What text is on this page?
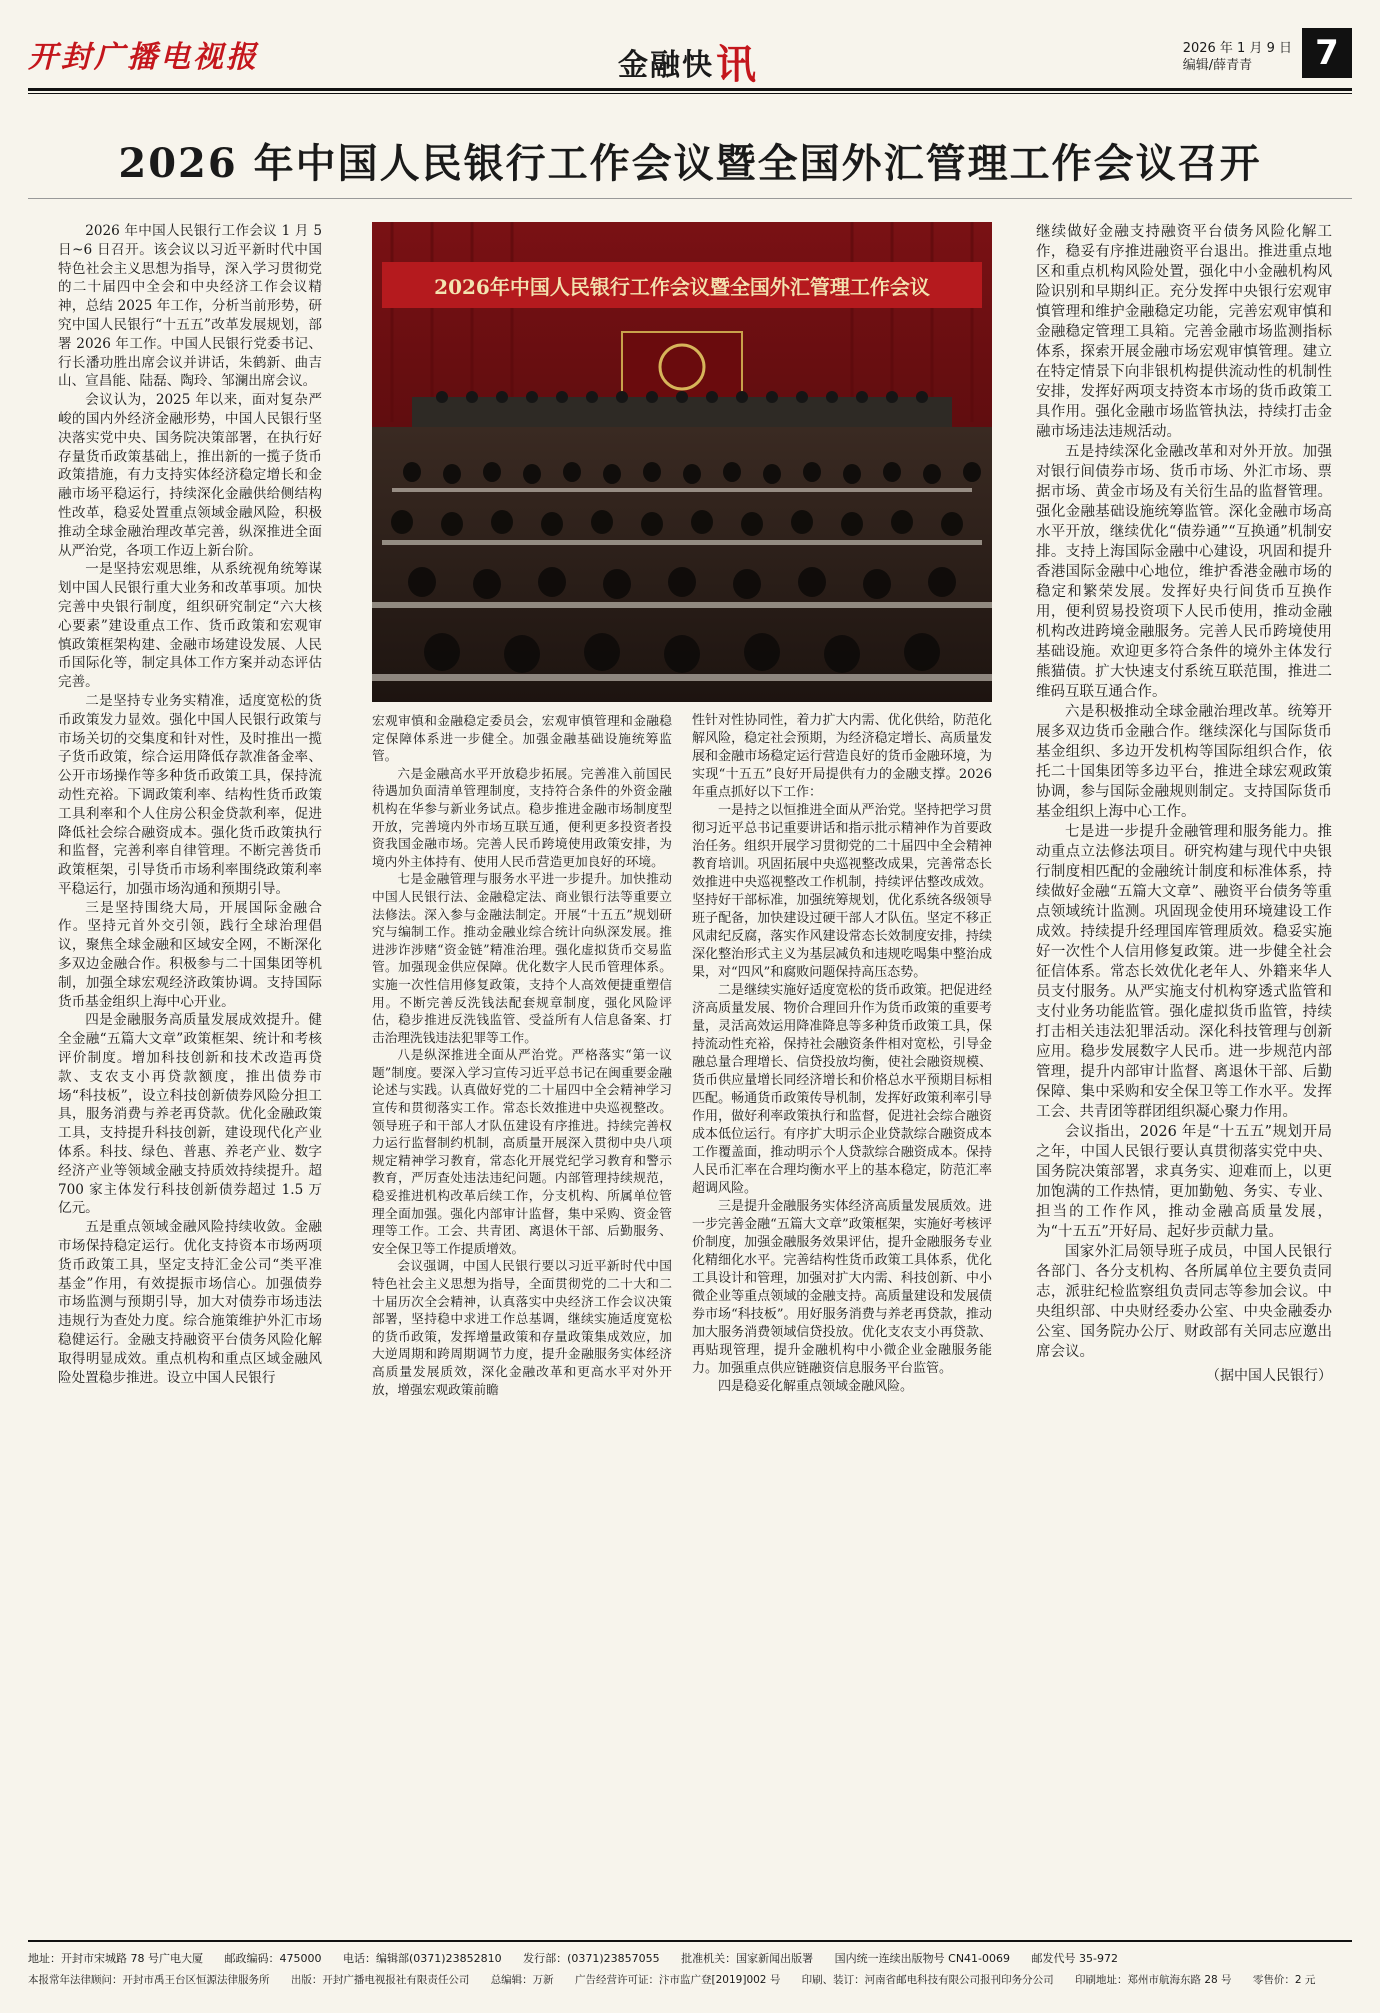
开封广播电视报	金融快讯	2026 年 1 月 9 日
编辑/薛青青	7
2026 年中国人民银行工作会议暨全国外汇管理工作会议召开
2026年中国人民银行工作会议暨全国外汇管理工作会议

2026 年中国人民银行工作会议 1 月 5 日~6 日召开。该会议以习近平新时代中国特色社会主义思想为指导，深入学习贯彻党的二十届四中全会和中央经济工作会议精神，总结 2025 年工作，分析当前形势，研究中国人民银行“十五五”改革发展规划，部署 2026 年工作。中国人民银行党委书记、行长潘功胜出席会议并讲话，朱鹤新、曲吉山、宣昌能、陆磊、陶玲、邹澜出席会议。

会议认为，2025 年以来，面对复杂严峻的国内外经济金融形势，中国人民银行坚决落实党中央、国务院决策部署，在执行好存量货币政策基础上，推出新的一揽子货币政策措施，有力支持实体经济稳定增长和金融市场平稳运行，持续深化金融供给侧结构性改革，稳妥处置重点领域金融风险，积极推动全球金融治理改革完善，纵深推进全面从严治党，各项工作迈上新台阶。

一是坚持宏观思维，从系统视角统筹谋划中国人民银行重大业务和改革事项。加快完善中央银行制度，组织研究制定“六大核心要素”建设重点工作、货币政策和宏观审慎政策框架构建、金融市场建设发展、人民币国际化等，制定具体工作方案并动态评估完善。

二是坚持专业务实精准，适度宽松的货币政策发力显效。强化中国人民银行政策与市场关切的交集度和针对性，及时推出一揽子货币政策，综合运用降低存款准备金率、公开市场操作等多种货币政策工具，保持流动性充裕。下调政策利率、结构性货币政策工具利率和个人住房公积金贷款利率，促进降低社会综合融资成本。强化货币政策执行和监督，完善利率自律管理。不断完善货币政策框架，引导货币市场利率围绕政策利率平稳运行，加强市场沟通和预期引导。

三是坚持围绕大局，开展国际金融合作。坚持元首外交引领，践行全球治理倡议，聚焦全球金融和区域安全网，不断深化多双边金融合作。积极参与二十国集团等机制，加强全球宏观经济政策协调。支持国际货币基金组织上海中心开业。

四是金融服务高质量发展成效提升。健全金融“五篇大文章”政策框架、统计和考核评价制度。增加科技创新和技术改造再贷款、支农支小再贷款额度，推出债券市场“科技板”，设立科技创新债券风险分担工具，服务消费与养老再贷款。优化金融政策工具，支持提升科技创新，建设现代化产业体系。科技、绿色、普惠、养老产业、数字经济产业等领域金融支持质效持续提升。超 700 家主体发行科技创新债券超过 1.5 万亿元。

五是重点领域金融风险持续收敛。金融市场保持稳定运行。优化支持资本市场两项货币政策工具，坚定支持汇金公司“类平准基金”作用，有效提振市场信心。加强债券市场监测与预期引导，加大对债券市场违法违规行为查处力度。综合施策维护外汇市场稳健运行。金融支持融资平台债务风险化解取得明显成效。重点机构和重点区域金融风险处置稳步推进。设立中国人民银行

宏观审慎和金融稳定委员会，宏观审慎管理和金融稳定保障体系进一步健全。加强金融基础设施统筹监管。

六是金融高水平开放稳步拓展。完善准入前国民待遇加负面清单管理制度，支持符合条件的外资金融机构在华参与新业务试点。稳步推进金融市场制度型开放，完善境内外市场互联互通，便利更多投资者投资我国金融市场。完善人民币跨境使用政策安排，为境内外主体持有、使用人民币营造更加良好的环境。

七是金融管理与服务水平进一步提升。加快推动中国人民银行法、金融稳定法、商业银行法等重要立法修法。深入参与金融法制定。开展“十五五”规划研究与编制工作。推动金融业综合统计向纵深发展。推进涉诈涉赌“资金链”精准治理。强化虚拟货币交易监管。加强现金供应保障。优化数字人民币管理体系。实施一次性信用修复政策，支持个人高效便捷重塑信用。不断完善反洗钱法配套规章制度，强化风险评估，稳步推进反洗钱监管、受益所有人信息备案、打击治理洗钱违法犯罪等工作。

八是纵深推进全面从严治党。严格落实“第一议题”制度。要深入学习宣传习近平总书记在闽重要金融论述与实践。认真做好党的二十届四中全会精神学习宣传和贯彻落实工作。常态长效推进中央巡视整改。领导班子和干部人才队伍建设有序推进。持续完善权力运行监督制约机制，高质量开展深入贯彻中央八项规定精神学习教育，常态化开展党纪学习教育和警示教育，严厉查处违法违纪问题。内部管理持续规范，稳妥推进机构改革后续工作，分支机构、所属单位管理全面加强。强化内部审计监督，集中采购、资金管理等工作。工会、共青团、离退休干部、后勤服务、安全保卫等工作提质增效。

会议强调，中国人民银行要以习近平新时代中国特色社会主义思想为指导，全面贯彻党的二十大和二十届历次全会精神，认真落实中央经济工作会议决策部署，坚持稳中求进工作总基调，继续实施适度宽松的货币政策，发挥增量政策和存量政策集成效应，加大逆周期和跨周期调节力度，提升金融服务实体经济高质量发展质效，深化金融改革和更高水平对外开放，增强宏观政策前瞻

性针对性协同性，着力扩大内需、优化供给，防范化解风险，稳定社会预期，为经济稳定增长、高质量发展和金融市场稳定运行营造良好的货币金融环境，为实现“十五五”良好开局提供有力的金融支撑。2026 年重点抓好以下工作：

一是持之以恒推进全面从严治党。坚持把学习贯彻习近平总书记重要讲话和指示批示精神作为首要政治任务。组织开展学习贯彻党的二十届四中全会精神教育培训。巩固拓展中央巡视整改成果，完善常态长效推进中央巡视整改工作机制，持续评估整改成效。坚持好干部标准，加强统筹规划，优化系统各级领导班子配备，加快建设过硬干部人才队伍。坚定不移正风肃纪反腐，落实作风建设常态长效制度安排，持续深化整治形式主义为基层减负和违规吃喝集中整治成果，对“四风”和腐败问题保持高压态势。

二是继续实施好适度宽松的货币政策。把促进经济高质量发展、物价合理回升作为货币政策的重要考量，灵活高效运用降准降息等多种货币政策工具，保持流动性充裕，保持社会融资条件相对宽松，引导金融总量合理增长、信贷投放均衡，使社会融资规模、货币供应量增长同经济增长和价格总水平预期目标相匹配。畅通货币政策传导机制，发挥好政策利率引导作用，做好利率政策执行和监督，促进社会综合融资成本低位运行。有序扩大明示企业贷款综合融资成本工作覆盖面，推动明示个人贷款综合融资成本。保持人民币汇率在合理均衡水平上的基本稳定，防范汇率超调风险。

三是提升金融服务实体经济高质量发展质效。进一步完善金融“五篇大文章”政策框架，实施好考核评价制度，加强金融服务效果评估，提升金融服务专业化精细化水平。完善结构性货币政策工具体系，优化工具设计和管理，加强对扩大内需、科技创新、中小微企业等重点领域的金融支持。高质量建设和发展债券市场“科技板”。用好服务消费与养老再贷款，推动加大服务消费领域信贷投放。优化支农支小再贷款、再贴现管理，提升金融机构中小微企业金融服务能力。加强重点供应链融资信息服务平台监管。

四是稳妥化解重点领域金融风险。

继续做好金融支持融资平台债务风险化解工作，稳妥有序推进融资平台退出。推进重点地区和重点机构风险处置，强化中小金融机构风险识别和早期纠正。充分发挥中央银行宏观审慎管理和维护金融稳定功能，完善宏观审慎和金融稳定管理工具箱。完善金融市场监测指标体系，探索开展金融市场宏观审慎管理。建立在特定情景下向非银机构提供流动性的机制性安排，发挥好两项支持资本市场的货币政策工具作用。强化金融市场监管执法，持续打击金融市场违法违规活动。

五是持续深化金融改革和对外开放。加强对银行间债券市场、货币市场、外汇市场、票据市场、黄金市场及有关衍生品的监督管理。强化金融基础设施统筹监管。深化金融市场高水平开放，继续优化“债券通”“互换通”机制安排。支持上海国际金融中心建设，巩固和提升香港国际金融中心地位，维护香港金融市场的稳定和繁荣发展。发挥好央行间货币互换作用，便利贸易投资项下人民币使用，推动金融机构改进跨境金融服务。完善人民币跨境使用基础设施。欢迎更多符合条件的境外主体发行熊猫债。扩大快速支付系统互联范围，推进二维码互联互通合作。

六是积极推动全球金融治理改革。统筹开展多双边货币金融合作。继续深化与国际货币基金组织、多边开发机构等国际组织合作，依托二十国集团等多边平台，推进全球宏观政策协调，参与国际金融规则制定。支持国际货币基金组织上海中心工作。

七是进一步提升金融管理和服务能力。推动重点立法修法项目。研究构建与现代中央银行制度相匹配的金融统计制度和标准体系，持续做好金融“五篇大文章”、融资平台债务等重点领域统计监测。巩固现金使用环境建设工作成效。持续提升经理国库管理质效。稳妥实施好一次性个人信用修复政策。进一步健全社会征信体系。常态长效优化老年人、外籍来华人员支付服务。从严实施支付机构穿透式监管和支付业务功能监管。强化虚拟货币监管，持续打击相关违法犯罪活动。深化科技管理与创新应用。稳步发展数字人民币。进一步规范内部管理，提升内部审计监督、离退休干部、后勤保障、集中采购和安全保卫等工作水平。发挥工会、共青团等群团组织凝心聚力作用。

会议指出，2026 年是“十五五”规划开局之年，中国人民银行要认真贯彻落实党中央、国务院决策部署，求真务实、迎难而上，以更加饱满的工作热情，更加勤勉、务实、专业、担当的工作作风，推动金融高质量发展，为“十五五”开好局、起好步贡献力量。

国家外汇局领导班子成员，中国人民银行各部门、各分支机构、各所属单位主要负责同志，派驻纪检监察组负责同志等参加会议。中央组织部、中央财经委办公室、中央金融委办公室、国务院办公厅、财政部有关同志应邀出席会议。

（据中国人民银行）
地址：开封市宋城路 78 号广电大厦 邮政编码：475000 电话：编辑部(0371)23852810 发行部：(0371)23857055 批准机关：国家新闻出版署 国内统一连续出版物号 CN41-0069 邮发代号 35-972
本报常年法律顾问：开封市禹王台区恒源法律服务所 出版：开封广播电视报社有限责任公司 总编辑：万新 广告经营许可证：汴市监广登[2019]002 号 印刷、装订：河南省邮电科技有限公司报刊印务分公司 印刷地址：郑州市航海东路 28 号 零售价：2 元
